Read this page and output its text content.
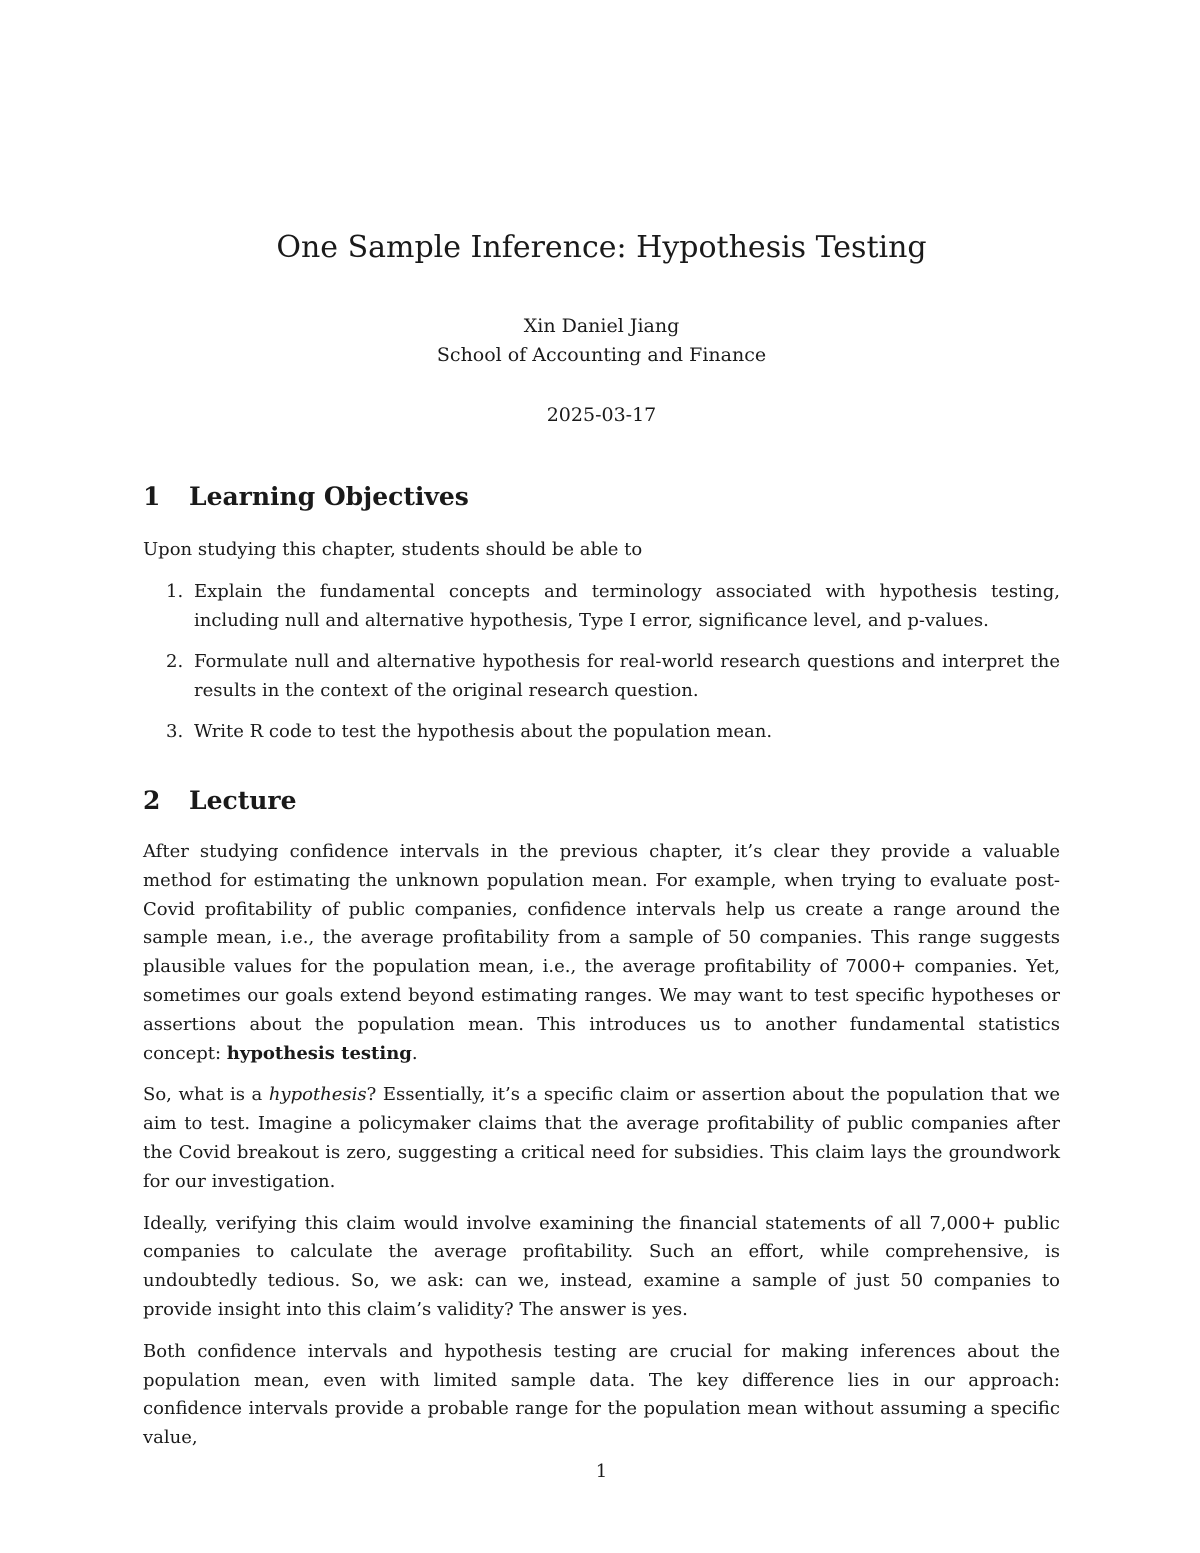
One Sample Inference: Hypothesis Testing
Xin Daniel Jiang
School of Accounting and Finance
2025-03-17
1 Learning Objectives

Upon studying this chapter, students should be able to

1. Explain the fundamental concepts and terminology associated with hypothesis testing, including null and alternative hypothesis, Type I error, significance level, and p-values.
2. Formulate null and alternative hypothesis for real-world research questions and interpret the results in the context of the original research question.
3. Write R code to test the hypothesis about the population mean.
2 Lecture

After studying confidence intervals in the previous chapter, it’s clear they provide a valuable method for estimating the unknown population mean. For example, when trying to evaluate post-Covid profitability of public companies, confidence intervals help us create a range around the sample mean, i.e., the average profitability from a sample of 50 companies. This range suggests plausible values for the population mean, i.e., the average profitability of 7000+ companies. Yet, sometimes our goals extend beyond estimating ranges. We may want to test specific hypotheses or assertions about the population mean. This introduces us to another fundamental statistics concept: hypothesis testing.

So, what is a hypothesis? Essentially, it’s a specific claim or assertion about the population that we aim to test. Imagine a policymaker claims that the average profitability of public companies after the Covid breakout is zero, suggesting a critical need for subsidies. This claim lays the groundwork for our investigation.

Ideally, verifying this claim would involve examining the financial statements of all 7,000+ public companies to calculate the average profitability. Such an effort, while comprehensive, is undoubtedly tedious. So, we ask: can we, instead, examine a sample of just 50 companies to provide insight into this claim’s validity? The answer is yes.

Both confidence intervals and hypothesis testing are crucial for making inferences about the population mean, even with limited sample data. The key difference lies in our approach: confidence intervals provide a probable range for the population mean without assuming a specific value,

1
